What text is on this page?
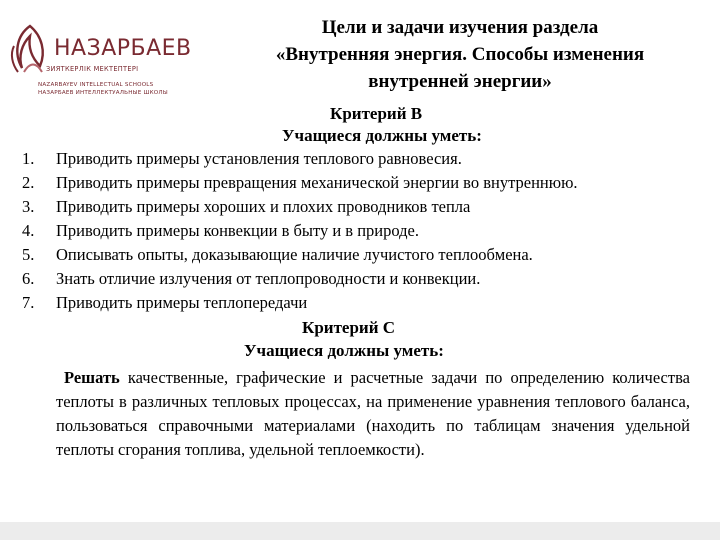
НАЗАРБАЕВ
ЗИЯТКЕРЛІК МЕКТЕПТЕРІ
NAZARBAYEV INTELLECTUAL SCHOOLS
НАЗАРБАЕВ ИНТЕЛЛЕКТУАЛЬНЫЕ ШКОЛЫ
Цели и задачи изучения раздела
«Внутренняя энергия. Способы изменения
внутренней энергии»
Критерий В
Учащиеся должны уметь:
1. Приводить примеры установления теплового равновесия.
2. Приводить примеры превращения механической энергии во внутреннюю.
3. Приводить примеры хороших и плохих проводников тепла
4. Приводить примеры конвекции в быту и в природе.
5. Описывать опыты, доказывающие наличие лучистого теплообмена.
6. Знать отличие излучения от теплопроводности и конвекции.
7. Приводить примеры теплопередачи
Критерий С
Учащиеся должны уметь:

Решать качественные, графические и расчетные задачи по определению количества теплоты в различных тепловых процессах, на применение уравнения теплового баланса, пользоваться справочными материалами (находить по таблицам значения удельной теплоты сгорания топлива, удельной теплоемкости).
